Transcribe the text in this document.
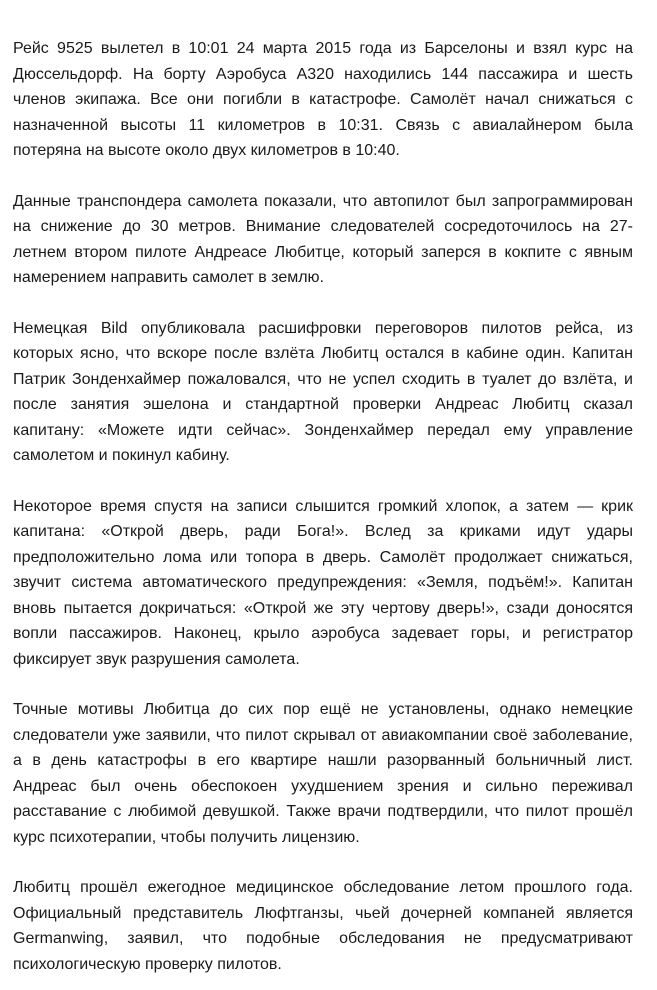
Рейс 9525 вылетел в 10:01 24 марта 2015 года из Барселоны и взял курс на Дюссельдорф. На борту Аэробуса А320 находились 144 пассажира и шесть членов экипажа. Все они погибли в катастрофе. Самолёт начал снижаться с назначенной высоты 11 километров в 10:31. Связь с авиалайнером была потеряна на высоте около двух километров в 10:40.

Данные транспондера самолета показали, что автопилот был запрограммирован на снижение до 30 метров. Внимание следователей сосредоточилось на 27-летнем втором пилоте Андреасе Любитце, который заперся в кокпите с явным намерением направить самолет в землю.

Немецкая Bild опубликовала расшифровки переговоров пилотов рейса, из которых ясно, что вскоре после взлёта Любитц остался в кабине один. Капитан Патрик Зонденхаймер пожаловался, что не успел сходить в туалет до взлёта, и после занятия эшелона и стандартной проверки Андреас Любитц сказал капитану: «Можете идти сейчас». Зонденхаймер передал ему управление самолетом и покинул кабину.

Некоторое время спустя на записи слышится громкий хлопок, а затем — крик капитана: «Открой дверь, ради Бога!». Вслед за криками идут удары предположительно лома или топора в дверь. Самолёт продолжает снижаться, звучит система автоматического предупреждения: «Земля, подъём!». Капитан вновь пытается докричаться: «Открой же эту чертову дверь!», сзади доносятся вопли пассажиров. Наконец, крыло аэробуса задевает горы, и регистратор фиксирует звук разрушения самолета.

Точные мотивы Любитца до сих пор ещё не установлены, однако немецкие следователи уже заявили, что пилот скрывал от авиакомпании своё заболевание, а в день катастрофы в его квартире нашли разорванный больничный лист. Андреас был очень обеспокоен ухудшением зрения и сильно переживал расставание с любимой девушкой. Также врачи подтвердили, что пилот прошёл курс психотерапии, чтобы получить лицензию.

Любитц прошёл ежегодное медицинское обследование летом прошлого года. Официальный представитель Люфтганзы, чьей дочерней компаней является Germanwing, заявил, что подобные обследования не предусматривают психологическую проверку пилотов.
